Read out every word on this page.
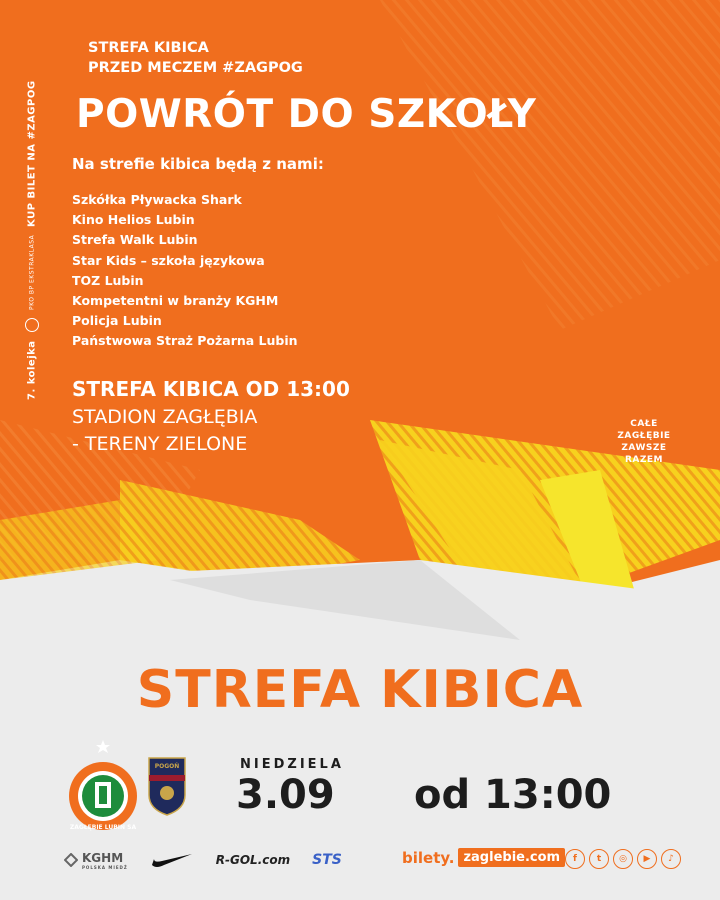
7. kolejka
PKO BP EKSTRAKLASA
KUP BILET NA #ZAGPOG
STREFA KIBICA
PRZED MECZEM #ZAGPOG
POWRÓT DO SZKOŁY
Na strefie kibica będą z nami:
Szkółka Pływacka Shark
Kino Helios Lubin
Strefa Walk Lubin
Star Kids – szkoła językowa
TOZ Lubin
Kompetentni w branży KGHM
Policja Lubin
Państwowa Straż Pożarna Lubin
STREFA KIBICA OD 13:00
STADION ZAGŁĘBIA
- TERENY ZIELONE
CAŁE
ZAGŁĘBIE
ZAWSZE
RAZEM
STREFA KIBICA
ZAGŁĘBIE LUBIN SA
POGOŃ	NIEDZIELA
3.09 od 13:00
KGHM
POLSKA MIEDŹ	R-GOL.com STS	bilety. zaglebie.com	f	t	◎	▶	♪
